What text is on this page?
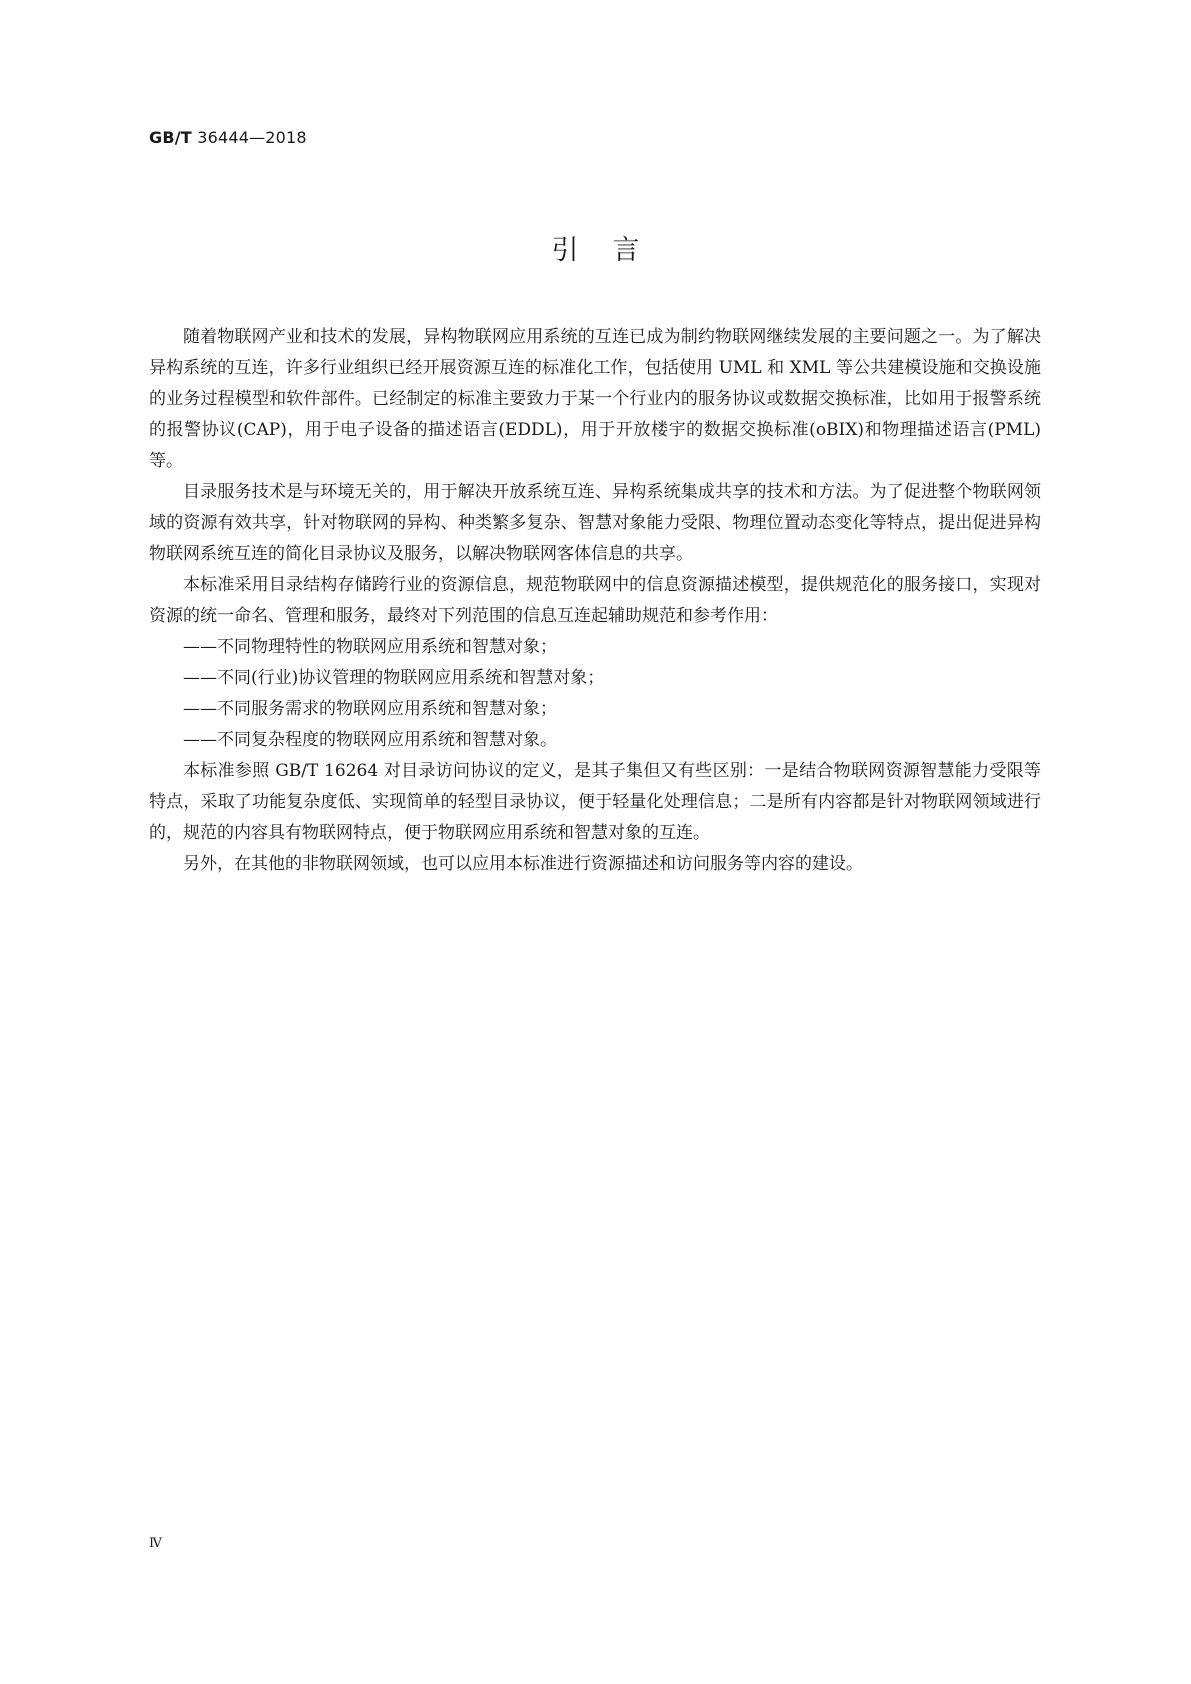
GB/T 36444—2018
引言

随着物联网产业和技术的发展，异构物联网应用系统的互连已成为制约物联网继续发展的主要问题之一。为了解决异构系统的互连，许多行业组织已经开展资源互连的标准化工作，包括使用 UML 和 XML 等公共建模设施和交换设施的业务过程模型和软件部件。已经制定的标准主要致力于某一个行业内的服务协议或数据交换标准，比如用于报警系统的报警协议(CAP)，用于电子设备的描述语言(EDDL)，用于开放楼宇的数据交换标准(oBIX)和物理描述语言(PML)等。

目录服务技术是与环境无关的，用于解决开放系统互连、异构系统集成共享的技术和方法。为了促进整个物联网领域的资源有效共享，针对物联网的异构、种类繁多复杂、智慧对象能力受限、物理位置动态变化等特点，提出促进异构物联网系统互连的简化目录协议及服务，以解决物联网客体信息的共享。

本标准采用目录结构存储跨行业的资源信息，规范物联网中的信息资源描述模型，提供规范化的服务接口，实现对资源的统一命名、管理和服务，最终对下列范围的信息互连起辅助规范和参考作用：

——不同物理特性的物联网应用系统和智慧对象；
——不同(行业)协议管理的物联网应用系统和智慧对象；
——不同服务需求的物联网应用系统和智慧对象；
——不同复杂程度的物联网应用系统和智慧对象。

本标准参照 GB/T 16264 对目录访问协议的定义，是其子集但又有些区别：一是结合物联网资源智慧能力受限等特点，采取了功能复杂度低、实现简单的轻型目录协议，便于轻量化处理信息；二是所有内容都是针对物联网领域进行的，规范的内容具有物联网特点，便于物联网应用系统和智慧对象的互连。

另外，在其他的非物联网领域，也可以应用本标准进行资源描述和访问服务等内容的建设。

Ⅳ
